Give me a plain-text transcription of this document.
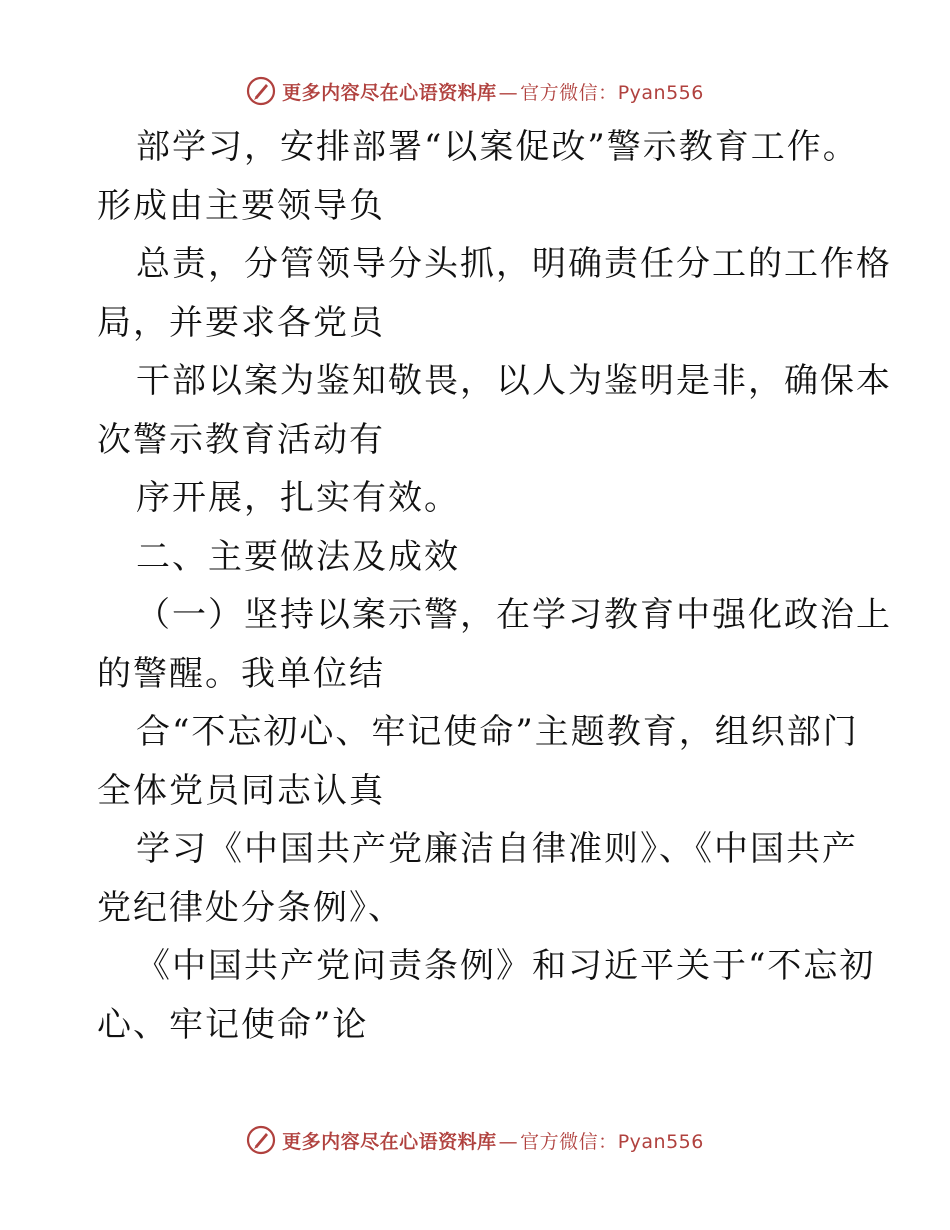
更多内容尽在心语资料库 — 官方微信：Pyan556
部学习，安排部署“以案促改”警示教育工作。
形成由主要领导负
总责，分管领导分头抓，明确责任分工的工作格
局，并要求各党员
干部以案为鉴知敬畏，以人为鉴明是非，确保本
次警示教育活动有
序开展，扎实有效。
二、主要做法及成效
（一）坚持以案示警，在学习教育中强化政治上
的警醒。我单位结
合“不忘初心、牢记使命”主题教育，组织部门
全体党员同志认真
学习《中国共产党廉洁自律准则》、《中国共产
党纪律处分条例》、
《中国共产党问责条例》和习近平关于“不忘初
心、牢记使命”论
更多内容尽在心语资料库 — 官方微信：Pyan556
